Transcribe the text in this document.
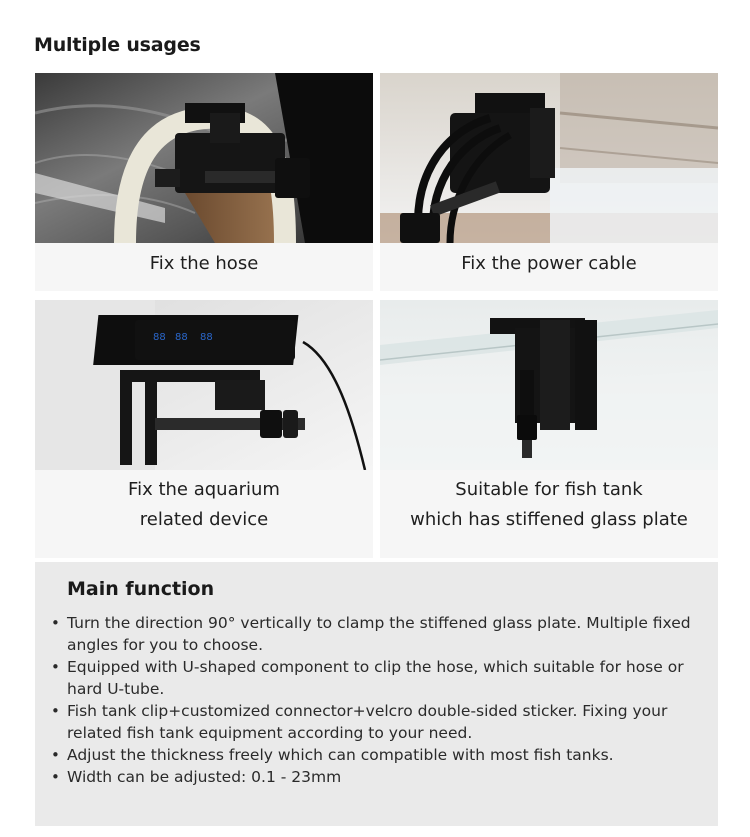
Multiple usages
Fix the hose	Fix the power cable
88 88 88
Fix the aquarium
related device
Suitable for fish tank
which has stiffened glass plate
Main function
• Turn the direction 90° vertically to clamp the stiffened glass plate. Multiple fixed angles for you to choose.
• Equipped with U-shaped component to clip the hose, which suitable for hose or hard U-tube.
• Fish tank clip+customized connector+velcro double-sided sticker. Fixing your related fish tank equipment according to your need.
• Adjust the thickness freely which can compatible with most fish tanks.
• Width can be adjusted: 0.1 - 23mm
